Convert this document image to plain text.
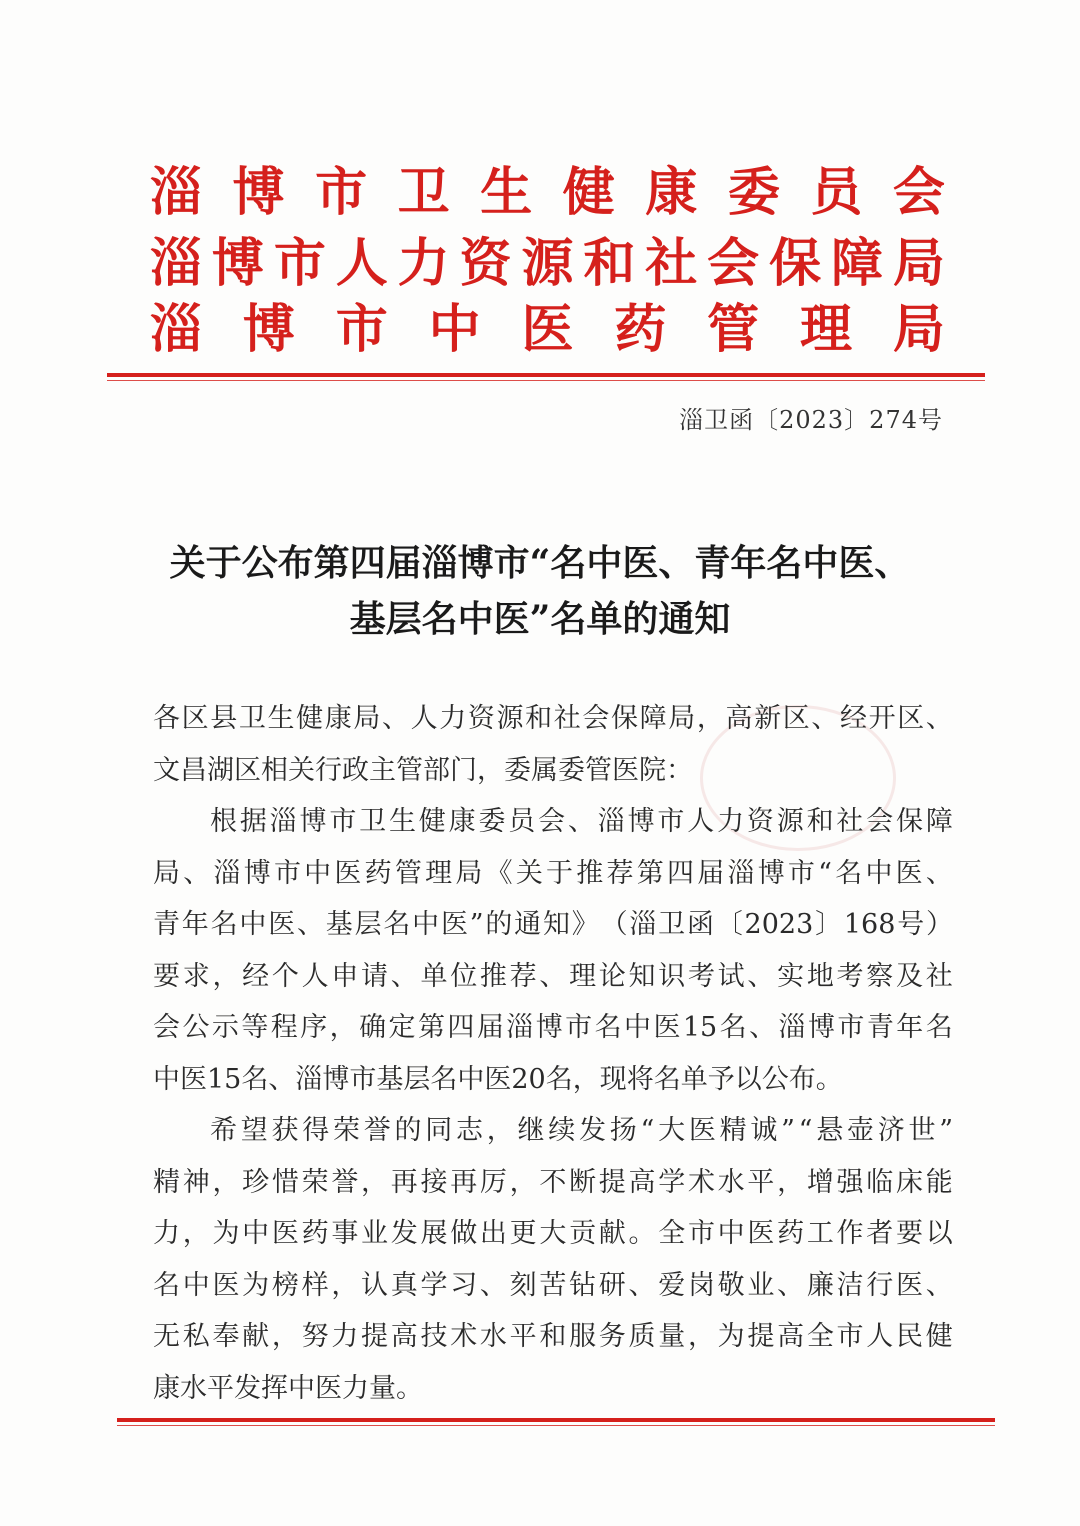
淄 博 市 卫 生 健 康 委 员 会
淄 博 市 人 力 资 源 和 社 会 保 障 局
淄 博 市 中 医 药 管 理 局
淄卫函〔2023〕274号
关于公布第四届淄博市“名中医、青年名中医、
基层名中医”名单的通知
各 区 县 卫 生 健 康 局 、 人 力 资 源 和 社 会 保 障 局 ， 高 新 区 、 经 开 区 、
文 昌 湖 区 相 关 行 政 主 管 部 门 ， 委 属 委 管 医 院 ：
根 据 淄 博 市 卫 生 健 康 委 员 会 、 淄 博 市 人 力 资 源 和 社 会 保 障
局 、 淄 博 市 中 医 药 管 理 局 《 关 于 推 荐 第 四 届 淄 博 市 “ 名 中 医 、
青 年 名 中 医 、 基 层 名 中 医 ” 的 通 知 》 （ 淄 卫 函 〔 2023 〕 168 号 ）
要 求 ， 经 个 人 申 请 、 单 位 推 荐 、 理 论 知 识 考 试 、 实 地 考 察 及 社
会 公 示 等 程 序 ， 确 定 第 四 届 淄 博 市 名 中 医 15 名 、 淄 博 市 青 年 名
中 医 15 名 、 淄 博 市 基 层 名 中 医 20 名 ， 现 将 名 单 予 以 公 布 。
希 望 获 得 荣 誉 的 同 志 ， 继 续 发 扬 “ 大 医 精 诚 ” “ 悬 壶 济 世 ”
精 神 ， 珍 惜 荣 誉 ， 再 接 再 厉 ， 不 断 提 高 学 术 水 平 ， 增 强 临 床 能
力 ， 为 中 医 药 事 业 发 展 做 出 更 大 贡 献 。 全 市 中 医 药 工 作 者 要 以
名 中 医 为 榜 样 ， 认 真 学 习 、 刻 苦 钻 研 、 爱 岗 敬 业 、 廉 洁 行 医 、
无 私 奉 献 ， 努 力 提 高 技 术 水 平 和 服 务 质 量 ， 为 提 高 全 市 人 民 健
康 水 平 发 挥 中 医 力 量 。
